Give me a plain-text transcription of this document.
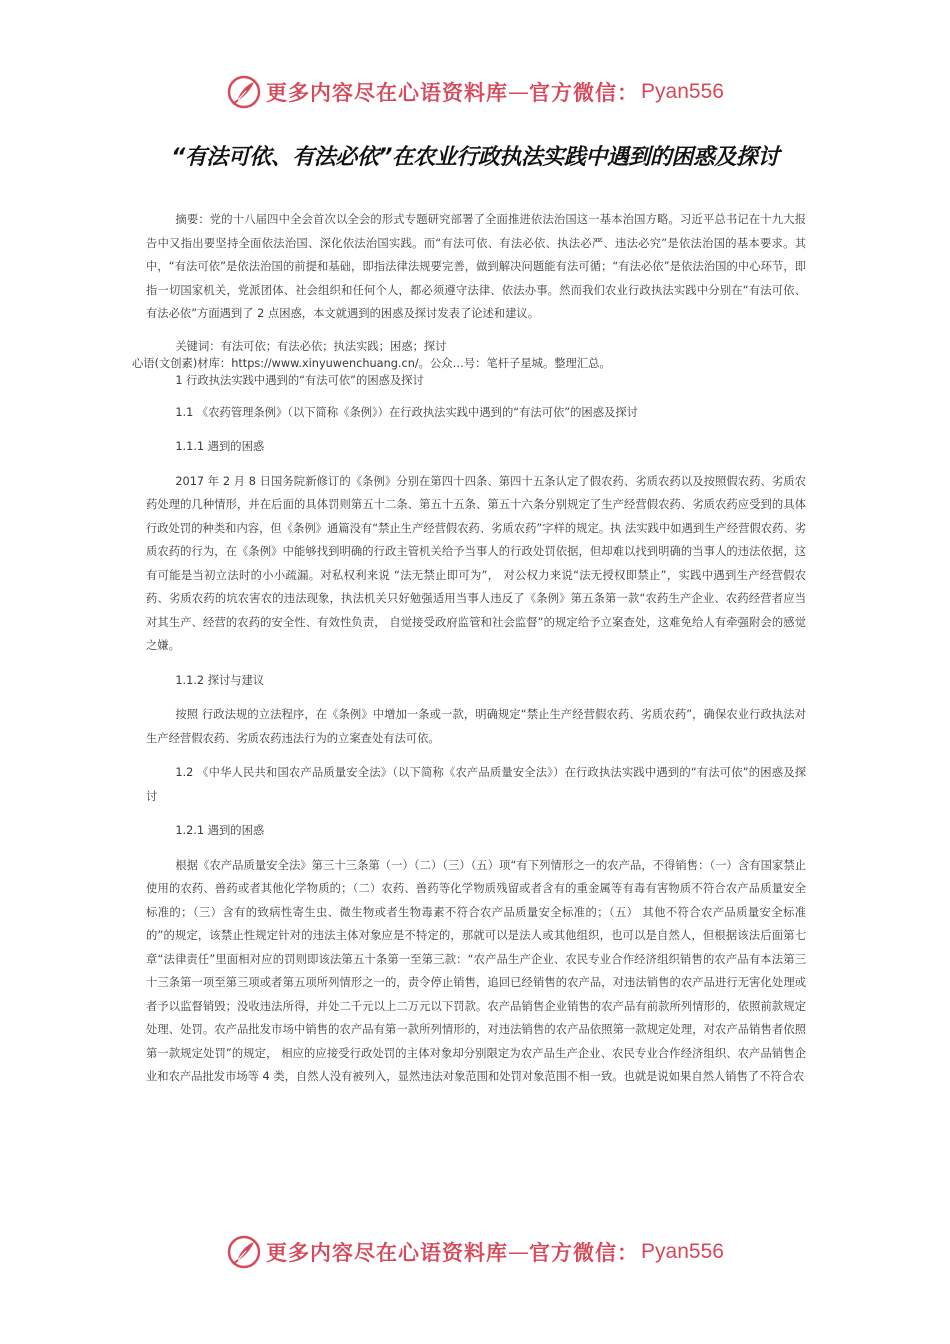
更多内容尽在心语资料库 — 官方微信： Pyan556
“有法可依、有法必依”在农业行政执法实践中遇到的困惑及探讨

摘要：党的十八届四中全会首次以全会的形式专题研究部署了全面推进依法治国这一基本治国方略。习近平总书记在十九大报告中又指出要坚持全面依法治国、深化依法治国实践。而“有法可依、有法必依、执法必严、违法必究”是依法治国的基本要求。其中，“有法可依”是依法治国的前提和基础，即指法律法规要完善，做到解决问题能有法可循；“有法必依”是依法治国的中心环节，即指一切国家机关，党派团体、社会组织和任何个人，都必须遵守法律、依法办事。然而我们农业行政执法实践中分别在“有法可依、有法必依”方面遇到了 2 点困惑，本文就遇到的困惑及探讨发表了论述和建议。

关键词：有法可依；有法必依；执法实践；困惑；探讨

心语(文创素)材库：https://www.xinyuwenchuang.cn/。公众…号：笔杆子星城。整理汇总。

1 行政执法实践中遇到的“有法可依”的困惑及探讨

1.1 《农药管理条例》（以下简称《条例》）在行政执法实践中遇到的“有法可依”的困惑及探讨

1.1.1 遇到的困惑

2017 年 2 月 8 日国务院新修订的《条例》分别在第四十四条、第四十五条认定了假农药、劣质农药以及按照假农药、劣质农药处理的几种情形，并在后面的具体罚则第五十二条、第五十五条、第五十六条分别规定了生产经营假农药、劣质农药应受到的具体行政处罚的种类和内容，但《条例》通篇没有“禁止生产经营假农药、劣质农药”字样的规定。执 法实践中如遇到生产经营假农药、劣质农药的行为，在《条例》中能够找到明确的行政主管机关给予当事人的行政处罚依据，但却难以找到明确的当事人的违法依据，这有可能是当初立法时的小小疏漏。对私权利来说 “法无禁止即可为”， 对公权力来说“法无授权即禁止”，实践中遇到生产经营假农药、劣质农药的坑农害农的违法现象，执法机关只好勉强适用当事人违反了《条例》第五条第一款“农药生产企业、农药经营者应当对其生产、经营的农药的安全性、有效性负责， 自觉接受政府监管和社会监督”的规定给予立案查处，这难免给人有牵强附会的感觉之嫌。

1.1.2 探讨与建议

按照 行政法规的立法程序，在《条例》中增加一条或一款，明确规定“禁止生产经营假农药、劣质农药”，确保农业行政执法对生产经营假农药、劣质农药违法行为的立案查处有法可依。

1.2 《中华人民共和国农产品质量安全法》（以下简称《农产品质量安全法》）在行政执法实践中遇到的“有法可依”的困惑及探讨

1.2.1 遇到的困惑

根据《农产品质量安全法》第三十三条第（一）（二）（三）（五）项“有下列情形之一的农产品，不得销售：（一）含有国家禁止使用的农药、兽药或者其他化学物质的；（二）农药、兽药等化学物质残留或者含有的重金属等有毒有害物质不符合农产品质量安全标准的；（三）含有的致病性寄生虫、微生物或者生物毒素不符合农产品质量安全标准的；（五） 其他不符合农产品质量安全标准的”的规定，该禁止性规定针对的违法主体对象应是不特定的，那就可以是法人或其他组织，也可以是自然人，但根据该法后面第七章“法律责任”里面相对应的罚则即该法第五十条第一至第三款：“农产品生产企业、农民专业合作经济组织销售的农产品有本法第三十三条第一项至第三项或者第五项所列情形之一的，责令停止销售，追回已经销售的农产品，对违法销售的农产品进行无害化处理或者予以监督销毁；没收违法所得，并处二千元以上二万元以下罚款。农产品销售企业销售的农产品有前款所列情形的，依照前款规定处理、处罚。农产品批发市场中销售的农产品有第一款所列情形的，对违法销售的农产品依照第一款规定处理，对农产品销售者依照第一款规定处罚”的规定， 相应的应接受行政处罚的主体对象却分别限定为农产品生产企业、农民专业合作经济组织、农产品销售企业和农产品批发市场等 4 类，自然人没有被列入，显然违法对象范围和处罚对象范围不相一致。也就是说如果自然人销售了不符合农

更多内容尽在心语资料库 — 官方微信： Pyan556
